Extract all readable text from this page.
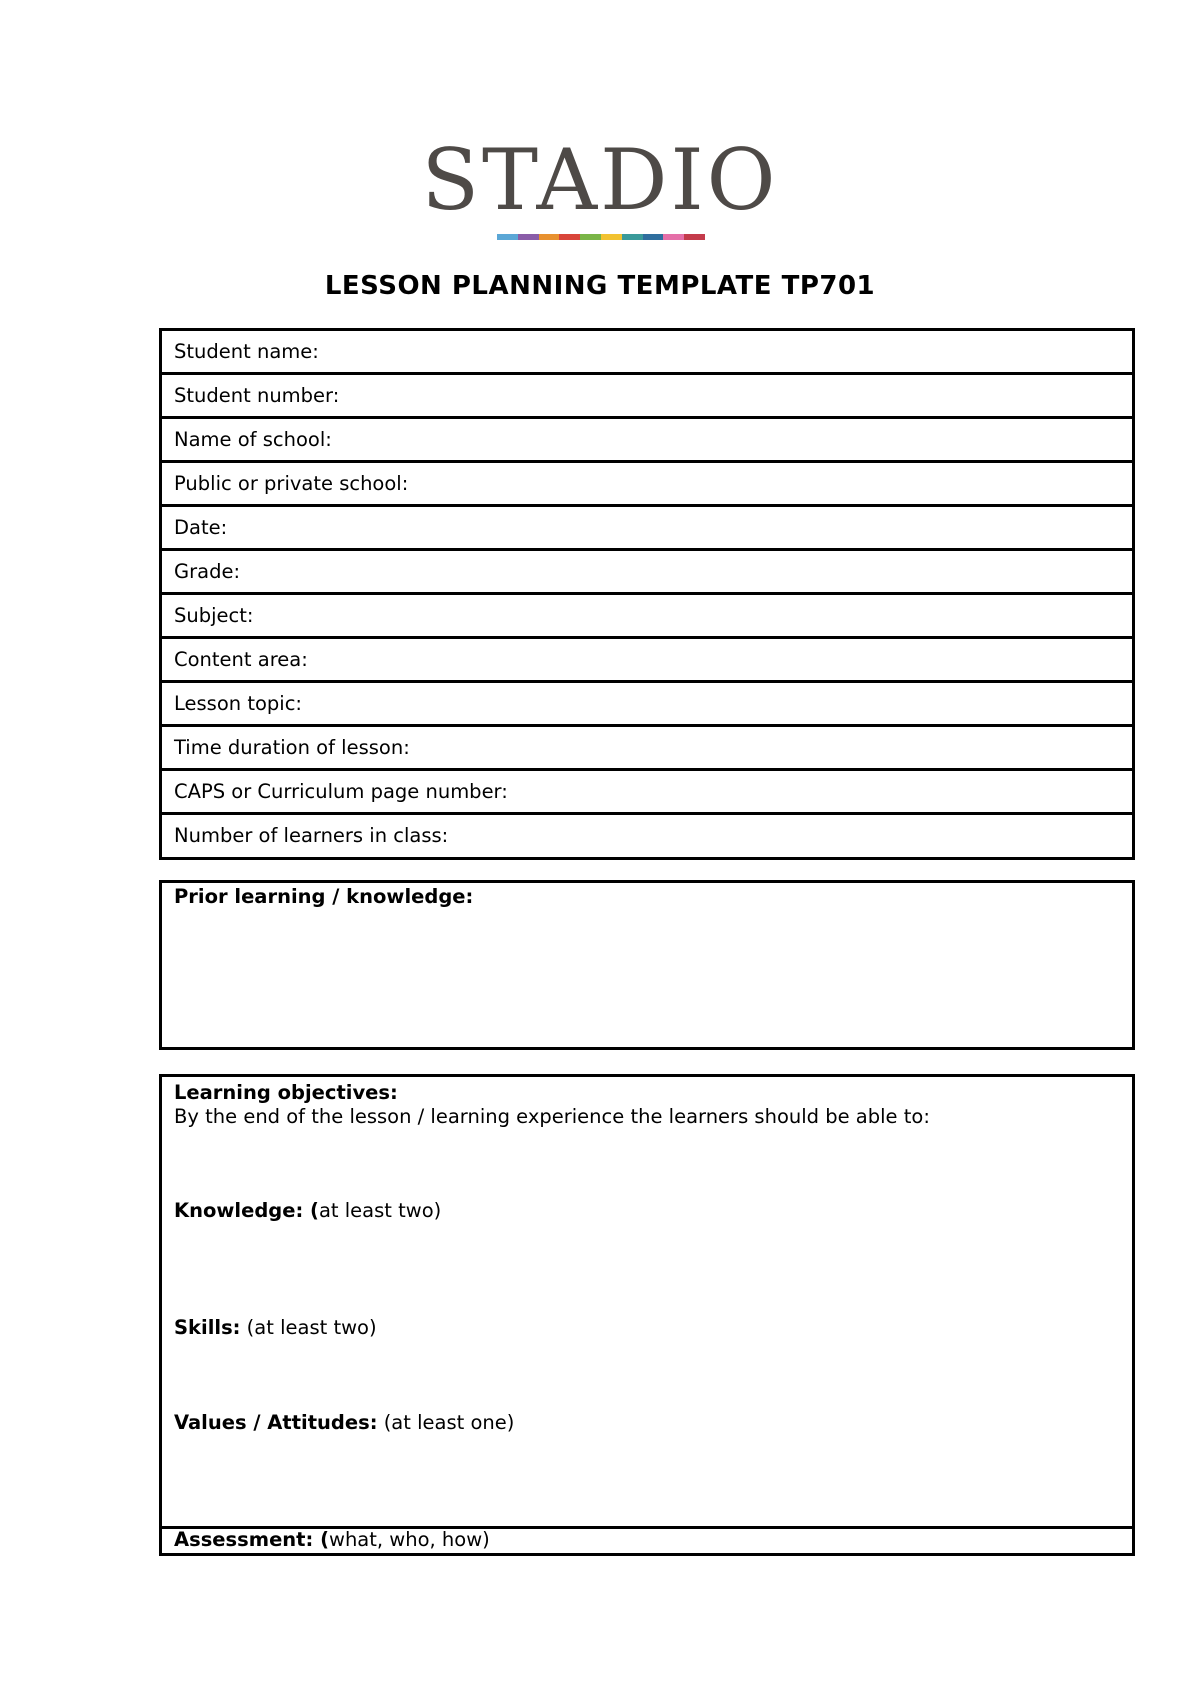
STADIO
LESSON PLANNING TEMPLATE TP701
Student name:
Student number:
Name of school:
Public or private school:
Date:
Grade:
Subject:
Content area:
Lesson topic:
Time duration of lesson:
CAPS or Curriculum page number:
Number of learners in class:
Prior learning / knowledge:
Learning objectives:
By the end of the lesson / learning experience the learners should be able to:
Knowledge: (at least two)
Skills: (at least two)
Values / Attitudes: (at least one)
Assessment: (what, who, how)
